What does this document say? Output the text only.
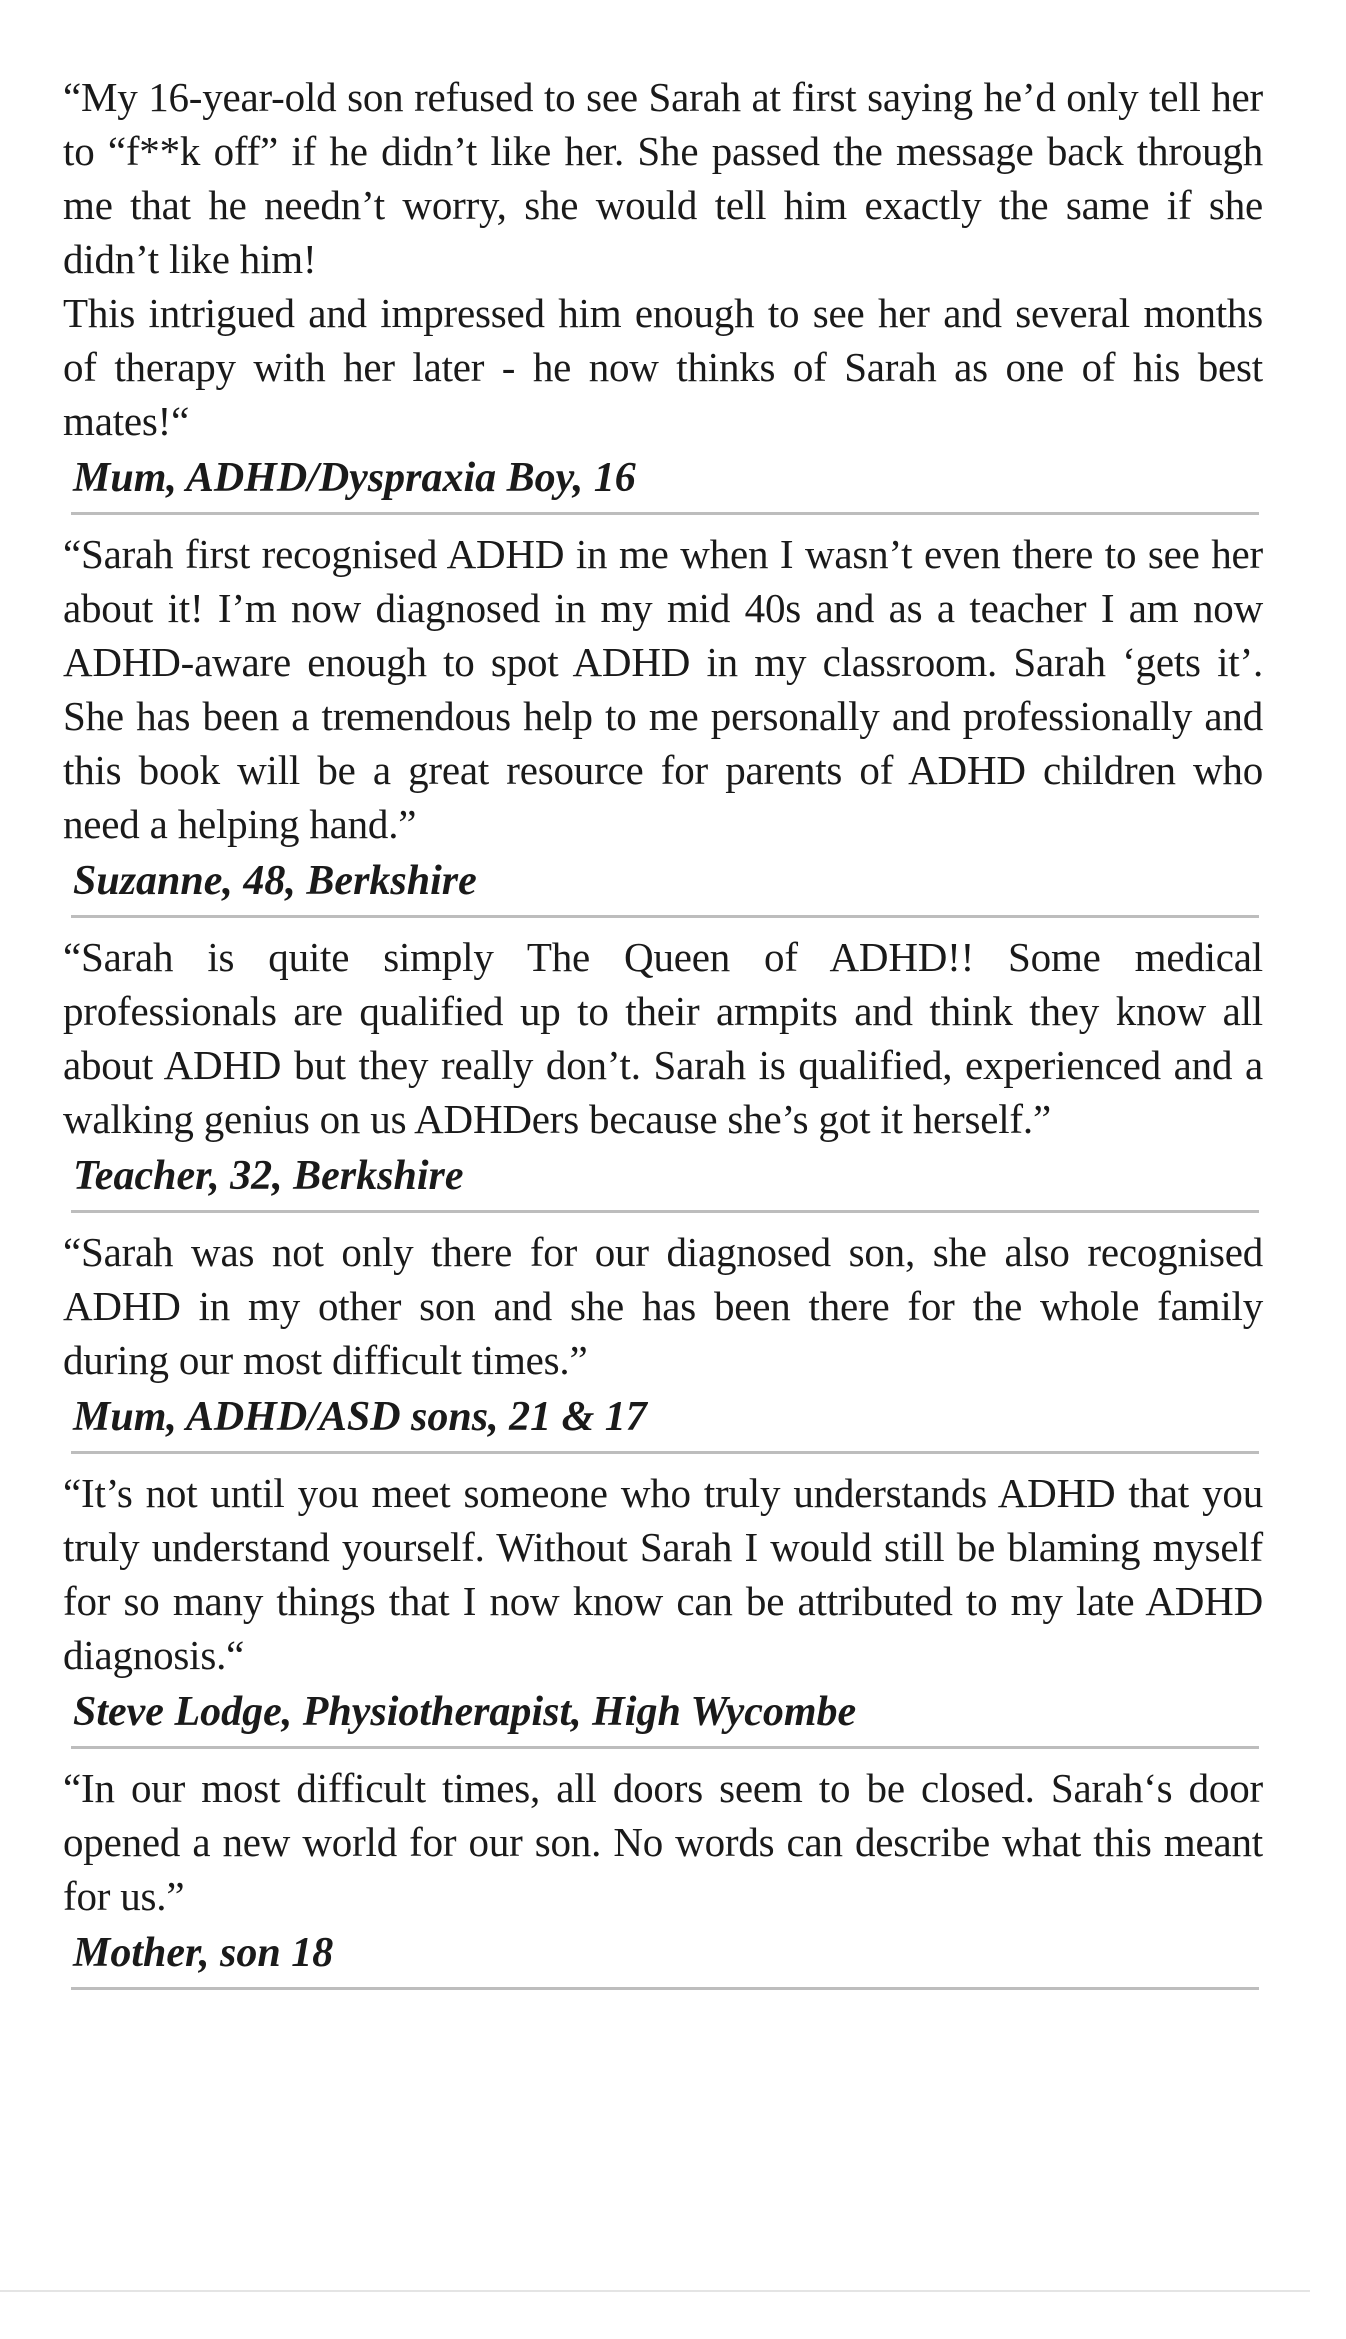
“My 16-year-old son refused to see Sarah at first saying he’d only tell her to “f**k off” if he didn’t like her. She passed the message back through me that he needn’t worry, she would tell him exactly the same if she didn’t like him!

This intrigued and impressed him enough to see her and several months of therapy with her later - he now thinks of Sarah as one of his best mates!“

Mum, ADHD/Dyspraxia Boy, 16

“Sarah first recognised ADHD in me when I wasn’t even there to see her about it! I’m now diagnosed in my mid 40s and as a teacher I am now ADHD-aware enough to spot ADHD in my classroom. Sarah ‘gets it’. She has been a tremendous help to me personally and professionally and this book will be a great resource for parents of ADHD children who need a helping hand.”

Suzanne, 48, Berkshire

“Sarah is quite simply The Queen of ADHD!! Some medical professionals are qualified up to their armpits and think they know all about ADHD but they really don’t. Sarah is qualified, experienced and a walking genius on us ADHDers because she’s got it herself.”

Teacher, 32, Berkshire

“Sarah was not only there for our diagnosed son, she also recognised ADHD in my other son and she has been there for the whole family during our most difficult times.”

Mum, ADHD/ASD sons, 21 & 17

“It’s not until you meet someone who truly understands ADHD that you truly understand yourself. Without Sarah I would still be blaming myself for so many things that I now know can be attributed to my late ADHD diagnosis.“

Steve Lodge, Physiotherapist, High Wycombe

“In our most difficult times, all doors seem to be closed. Sarah‘s door opened a new world for our son. No words can describe what this meant for us.”

Mother, son 18
